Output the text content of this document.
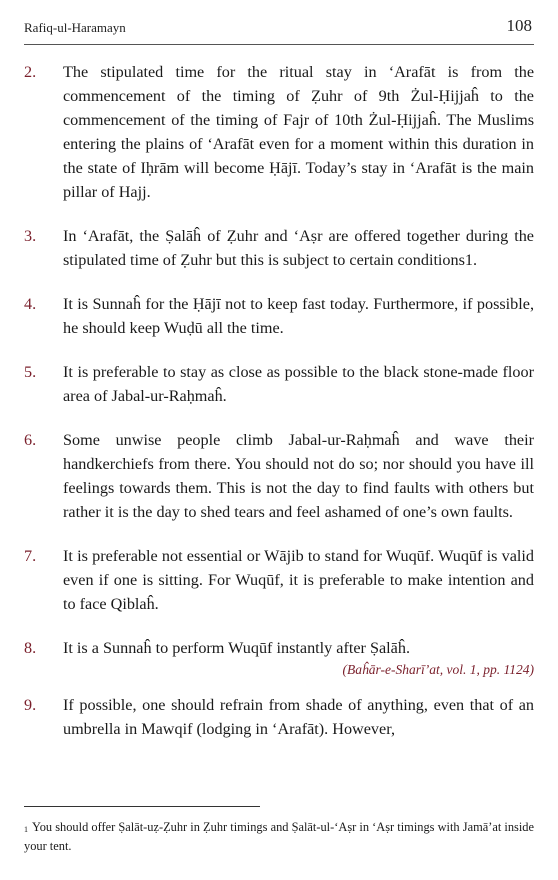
Rafiq-ul-Haramayn	108
2.	The stipulated time for the ritual stay in ‘Arafāt is from the commencement of the timing of Ẓuhr of 9th Żul-Ḥijjaĥ to the commencement of the timing of Fajr of 10th Żul-Ḥijjaĥ. The Muslims entering the plains of ‘Arafāt even for a moment within this duration in the state of Iḥrām will become Ḥājī. Today’s stay in ‘Arafāt is the main pillar of Hajj.
3.	In ‘Arafāt, the Ṣalāĥ of Ẓuhr and ‘Aṣr are offered together during the stipulated time of Ẓuhr but this is subject to certain conditions1.
4.	It is Sunnaĥ for the Ḥājī not to keep fast today. Furthermore, if possible, he should keep Wuḍū all the time.
5.	It is preferable to stay as close as possible to the black stone-made floor area of Jabal-ur-Raḥmaĥ.
6.	Some unwise people climb Jabal-ur-Raḥmaĥ and wave their handkerchiefs from there. You should not do so; nor should you have ill feelings towards them. This is not the day to find faults with others but rather it is the day to shed tears and feel ashamed of one’s own faults.
7.	It is preferable not essential or Wājib to stand for Wuqūf. Wuqūf is valid even if one is sitting. For Wuqūf, it is preferable to make intention and to face Qiblaĥ.
8.	It is a Sunnaĥ to perform Wuqūf instantly after Ṣalāĥ.
(Baĥār-e-Sharī’at, vol. 1, pp. 1124)
9.	If possible, one should refrain from shade of anything, even that of an umbrella in Mawqif (lodging in ‘Arafāt). However,
$^1$ You should offer Ṣalāt-uẓ-Ẓuhr in Ẓuhr timings and Ṣalāt-ul-‘Aṣr in ‘Aṣr timings with Jamā’at inside your tent.
